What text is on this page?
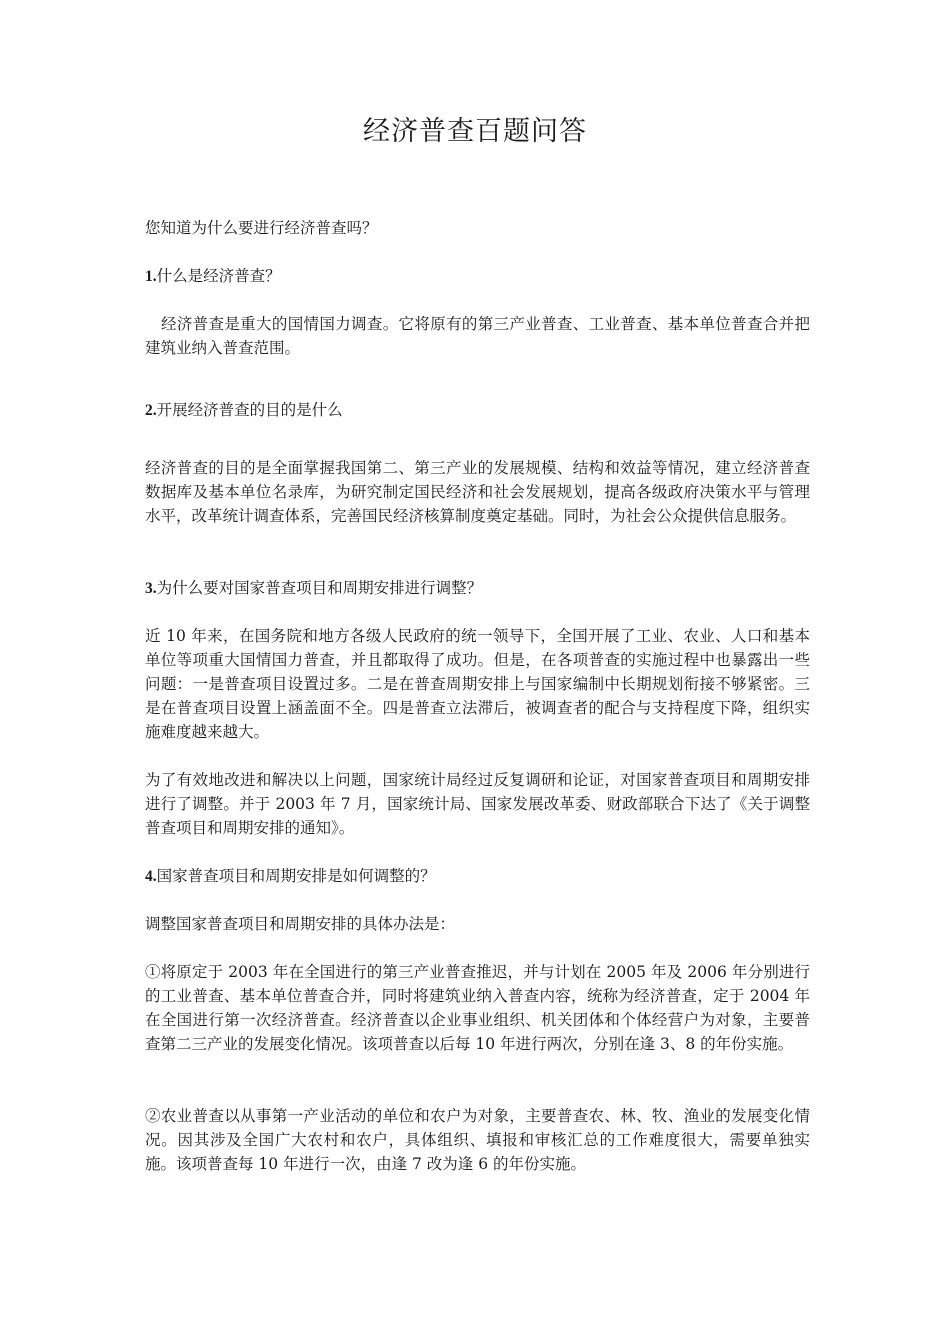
经济普查百题问答

您知道为什么要进行经济普查吗？

1.什么是经济普查？

经济普查是重大的国情国力调查。它将原有的第三产业普查、工业普查、基本单位普查合并把建筑业纳入普查范围。

2.开展经济普查的目的是什么

经济普查的目的是全面掌握我国第二、第三产业的发展规模、结构和效益等情况，建立经济普查数据库及基本单位名录库，为研究制定国民经济和社会发展规划，提高各级政府决策水平与管理水平，改革统计调查体系，完善国民经济核算制度奠定基础。同时，为社会公众提供信息服务。

3.为什么要对国家普查项目和周期安排进行调整？

近 10 年来，在国务院和地方各级人民政府的统一领导下，全国开展了工业、农业、人口和基本单位等项重大国情国力普查，并且都取得了成功。但是，在各项普查的实施过程中也暴露出一些问题：一是普查项目设置过多。二是在普查周期安排上与国家编制中长期规划衔接不够紧密。三是在普查项目设置上涵盖面不全。四是普查立法滞后，被调查者的配合与支持程度下降，组织实施难度越来越大。

为了有效地改进和解决以上问题，国家统计局经过反复调研和论证，对国家普查项目和周期安排进行了调整。并于 2003 年 7 月，国家统计局、国家发展改革委、财政部联合下达了《关于调整普查项目和周期安排的通知》。

4.国家普查项目和周期安排是如何调整的？

调整国家普查项目和周期安排的具体办法是：

①将原定于 2003 年在全国进行的第三产业普查推迟，并与计划在 2005 年及 2006 年分别进行的工业普查、基本单位普查合并，同时将建筑业纳入普查内容，统称为经济普查，定于 2004 年在全国进行第一次经济普查。经济普查以企业事业组织、机关团体和个体经营户为对象，主要普查第二三产业的发展变化情况。该项普查以后每 10 年进行两次，分别在逢 3、8 的年份实施。

②农业普查以从事第一产业活动的单位和农户为对象，主要普查农、林、牧、渔业的发展变化情况。因其涉及全国广大农村和农户，具体组织、填报和审核汇总的工作难度很大，需要单独实施。该项普查每 10 年进行一次，由逢 7 改为逢 6 的年份实施。
